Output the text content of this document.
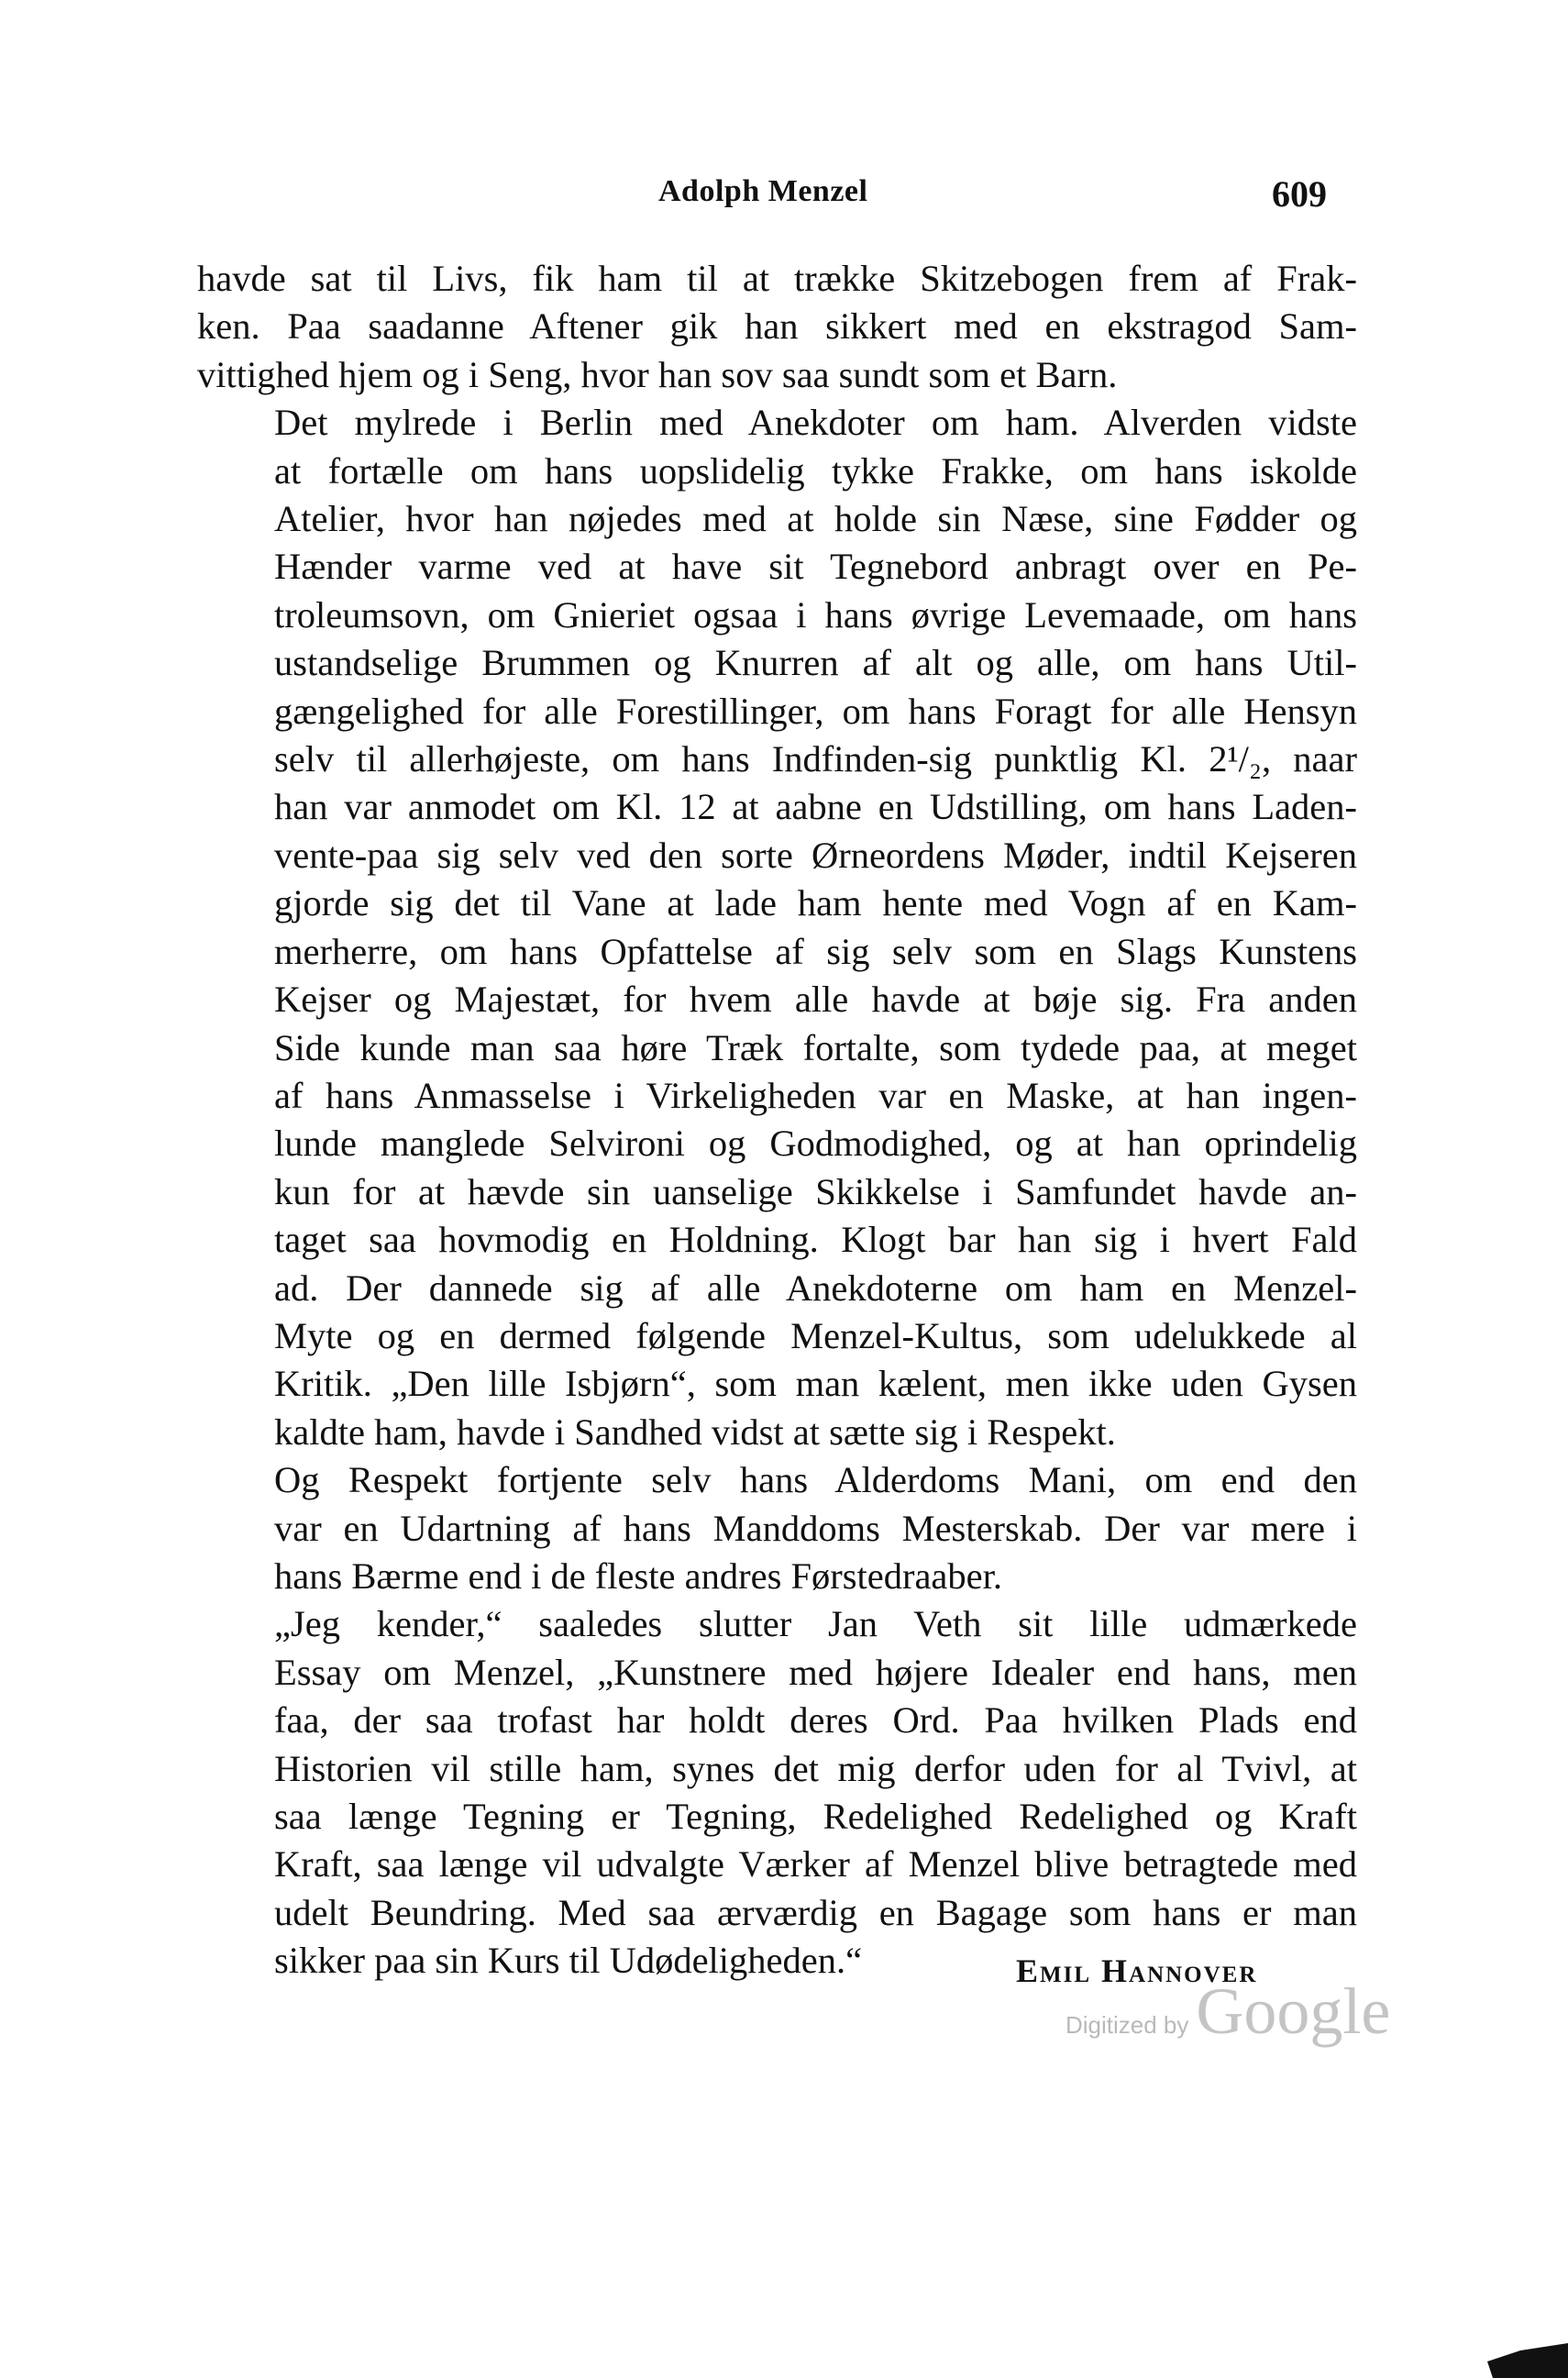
Adolph Menzel	609

havde sat til Livs, fik ham til at trække Skitzebogen frem af Frak-
ken. Paa saadanne Aftener gik han sikkert med en ekstragod Sam-
vittighed hjem og i Seng, hvor han sov saa sundt som et Barn.

Det mylrede i Berlin med Anekdoter om ham. Alverden vidste
at fortælle om hans uopslidelig tykke Frakke, om hans iskolde
Atelier, hvor han nøjedes med at holde sin Næse, sine Fødder og
Hænder varme ved at have sit Tegnebord anbragt over en Pe-
troleumsovn, om Gnieriet ogsaa i hans øvrige Levemaade, om hans
ustandselige Brummen og Knurren af alt og alle, om hans Util-
gængelighed for alle Forestillinger, om hans Foragt for alle Hensyn
selv til allerhøjeste, om hans Indfinden-sig punktlig Kl. 2¹/₂, naar
han var anmodet om Kl. 12 at aabne en Udstilling, om hans Laden-
vente-paa sig selv ved den sorte Ørneordens Møder, indtil Kejseren
gjorde sig det til Vane at lade ham hente med Vogn af en Kam-
merherre, om hans Opfattelse af sig selv som en Slags Kunstens
Kejser og Majestæt, for hvem alle havde at bøje sig. Fra anden
Side kunde man saa høre Træk fortalte, som tydede paa, at meget
af hans Anmasselse i Virkeligheden var en Maske, at han ingen-
lunde manglede Selvironi og Godmodighed, og at han oprindelig
kun for at hævde sin uanselige Skikkelse i Samfundet havde an-
taget saa hovmodig en Holdning. Klogt bar han sig i hvert Fald
ad. Der dannede sig af alle Anekdoterne om ham en Menzel-
Myte og en dermed følgende Menzel-Kultus, som udelukkede al
Kritik. „Den lille Isbjørn“, som man kælent, men ikke uden Gysen
kaldte ham, havde i Sandhed vidst at sætte sig i Respekt.

Og Respekt fortjente selv hans Alderdoms Mani, om end den
var en Udartning af hans Manddoms Mesterskab. Der var mere i
hans Bærme end i de fleste andres Førstedraaber.

„Jeg kender,“ saaledes slutter Jan Veth sit lille udmærkede
Essay om Menzel, „Kunstnere med højere Idealer end hans, men
faa, der saa trofast har holdt deres Ord. Paa hvilken Plads end
Historien vil stille ham, synes det mig derfor uden for al Tvivl, at
saa længe Tegning er Tegning, Redelighed Redelighed og Kraft
Kraft, saa længe vil udvalgte Værker af Menzel blive betragtede med
udelt Beundring. Med saa ærværdig en Bagage som hans er man
sikker paa sin Kurs til Udødeligheden.“	Emil Hannover
Digitized by Google
